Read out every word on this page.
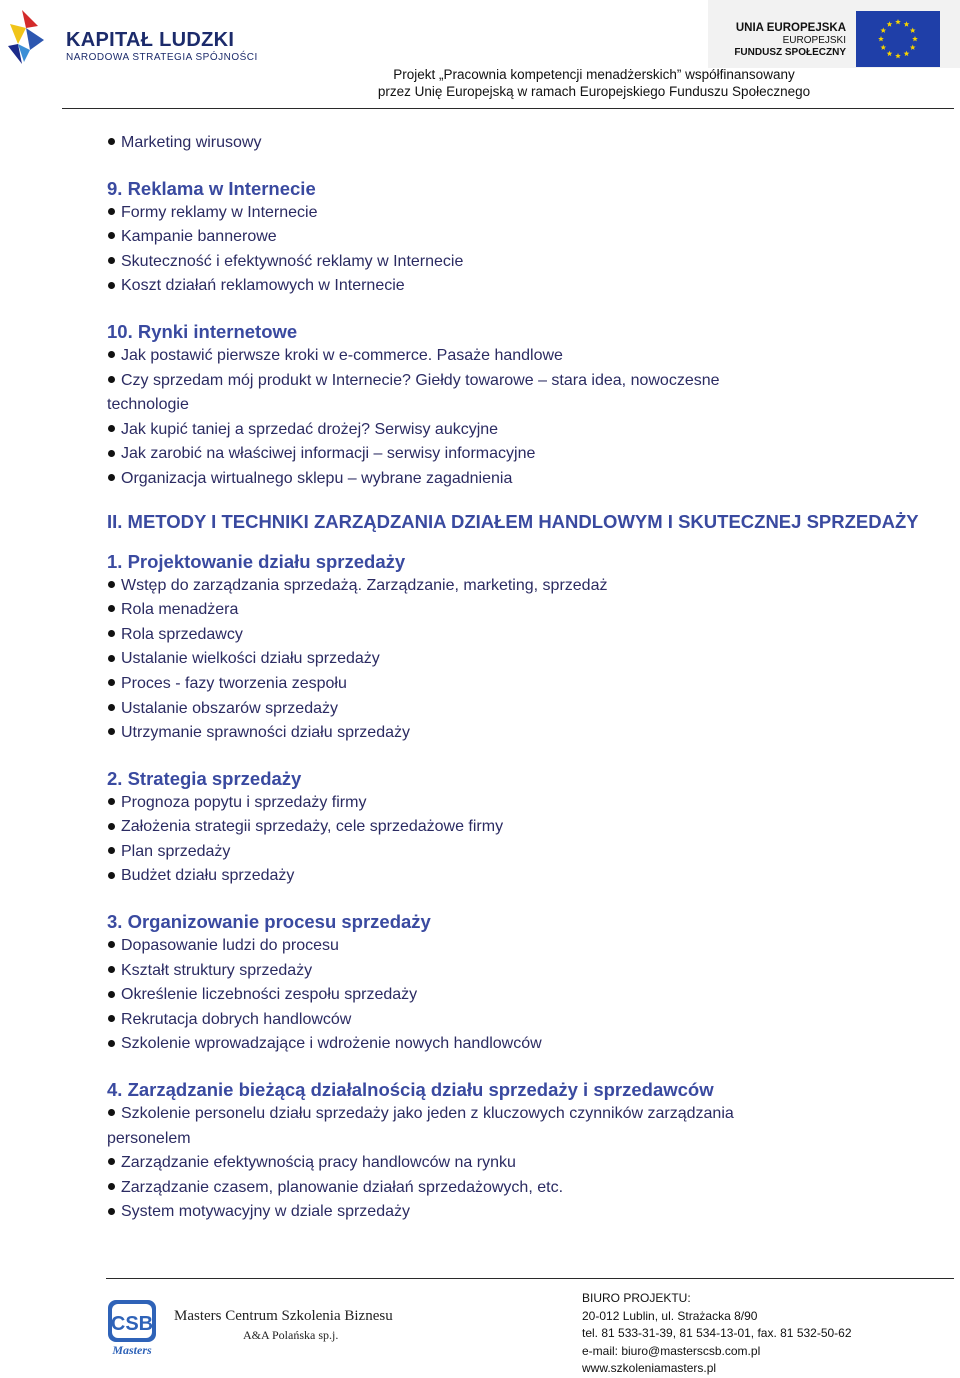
KAPITAŁ LUDZKI
NARODOWA STRATEGIA SPÓJNOŚCI
UNIA EUROPEJSKA
EUROPEJSKI
FUNDUSZ SPOŁECZNY
Projekt „Pracownia kompetencji menadżerskich” współfinansowany
przez Unię Europejską w ramach Europejskiego Funduszu Społecznego
Marketing wirusowy
9. Reklama w Internecie
Formy reklamy w Internecie
Kampanie bannerowe
Skuteczność i efektywność reklamy w Internecie
Koszt działań reklamowych w Internecie
10. Rynki internetowe
Jak postawić pierwsze kroki w e-commerce. Pasaże handlowe
Czy sprzedam mój produkt w Internecie? Giełdy towarowe – stara idea, nowoczesne
technologie
Jak kupić taniej a sprzedać drożej? Serwisy aukcyjne
Jak zarobić na właściwej informacji – serwisy informacyjne
Organizacja wirtualnego sklepu – wybrane zagadnienia
II. METODY I TECHNIKI ZARZĄDZANIA DZIAŁEM HANDLOWYM I SKUTECZNEJ SPRZEDAŻY
1. Projektowanie działu sprzedaży
Wstęp do zarządzania sprzedażą. Zarządzanie, marketing, sprzedaż
Rola menadżera
Rola sprzedawcy
Ustalanie wielkości działu sprzedaży
Proces - fazy tworzenia zespołu
Ustalanie obszarów sprzedaży
Utrzymanie sprawności działu sprzedaży
2. Strategia sprzedaży
Prognoza popytu i sprzedaży firmy
Założenia strategii sprzedaży, cele sprzedażowe firmy
Plan sprzedaży
Budżet działu sprzedaży
3. Organizowanie procesu sprzedaży
Dopasowanie ludzi do procesu
Kształt struktury sprzedaży
Określenie liczebności zespołu sprzedaży
Rekrutacja dobrych handlowców
Szkolenie wprowadzające i wdrożenie nowych handlowców
4. Zarządzanie bieżącą działalnością działu sprzedaży i sprzedawców
Szkolenie personelu działu sprzedaży jako jeden z kluczowych czynników zarządzania
personelem
Zarządzanie efektywnością pracy handlowców na rynku
Zarządzanie czasem, planowanie działań sprzedażowych, etc.
System motywacyjny w dziale sprzedaży
CSB
Masters
Masters Centrum Szkolenia Biznesu
A&A Polańska sp.j.
BIURO PROJEKTU:
20-012 Lublin, ul. Strażacka 8/90
tel. 81 533-31-39, 81 534-13-01, fax. 81 532-50-62
e-mail: biuro@masterscsb.com.pl
www.szkoleniamasters.pl
